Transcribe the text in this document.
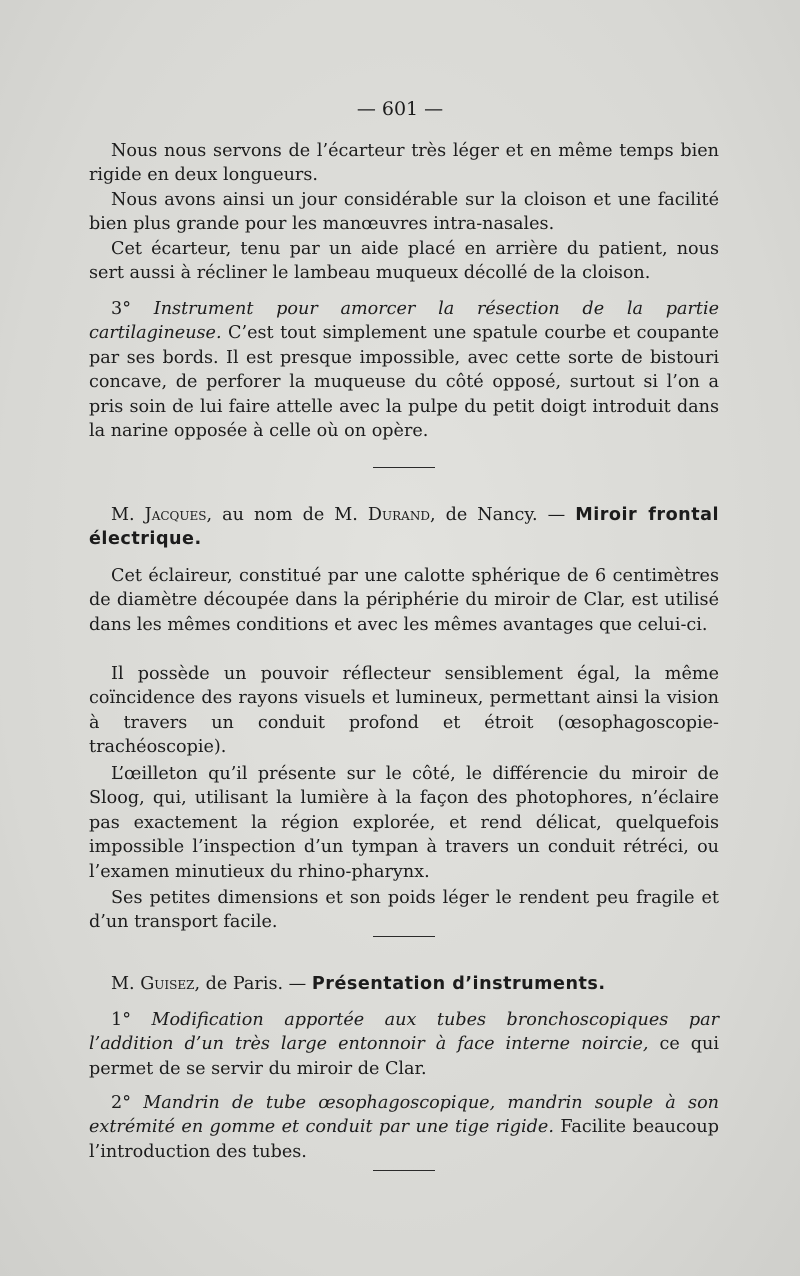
— 601 —

Nous nous servons de l’écarteur très léger et en même temps bien rigide en deux longueurs.

Nous avons ainsi un jour considérable sur la cloison et une facilité bien plus grande pour les manœuvres intra-nasales.

Cet écarteur, tenu par un aide placé en arrière du patient, nous sert aussi à récliner le lambeau muqueux décollé de la cloison.

3° Instrument pour amorcer la résection de la partie cartilagineuse. C’est tout simplement une spatule courbe et coupante par ses bords. Il est presque impossible, avec cette sorte de bistouri concave, de perforer la muqueuse du côté opposé, surtout si l’on a pris soin de lui faire attelle avec la pulpe du petit doigt introduit dans la narine opposée à celle où on opère.

M. Jacques, au nom de M. Durand, de Nancy. — Miroir frontal électrique.

Cet éclaireur, constitué par une calotte sphérique de 6 centimètres de diamètre découpée dans la périphérie du miroir de Clar, est utilisé dans les mêmes conditions et avec les mêmes avantages que celui-ci.

Il possède un pouvoir réflecteur sensiblement égal, la même coïncidence des rayons visuels et lumineux, permettant ainsi la vision à travers un conduit profond et étroit (œsophagoscopie-trachéoscopie).

L’œilleton qu’il présente sur le côté, le différencie du miroir de Sloog, qui, utilisant la lumière à la façon des photophores, n’éclaire pas exactement la région explorée, et rend délicat, quelquefois impossible l’inspection d’un tympan à travers un conduit rétréci, ou l’examen minutieux du rhino-pharynx.

Ses petites dimensions et son poids léger le rendent peu fragile et d’un transport facile.

M. Guisez, de Paris. — Présentation d’instruments.

1° Modification apportée aux tubes bronchoscopiques par l’addition d’un très large entonnoir à face interne noircie, ce qui permet de se servir du miroir de Clar.

2° Mandrin de tube œsophagoscopique, mandrin souple à son extrémité en gomme et conduit par une tige rigide. Facilite beaucoup l’introduction des tubes.
